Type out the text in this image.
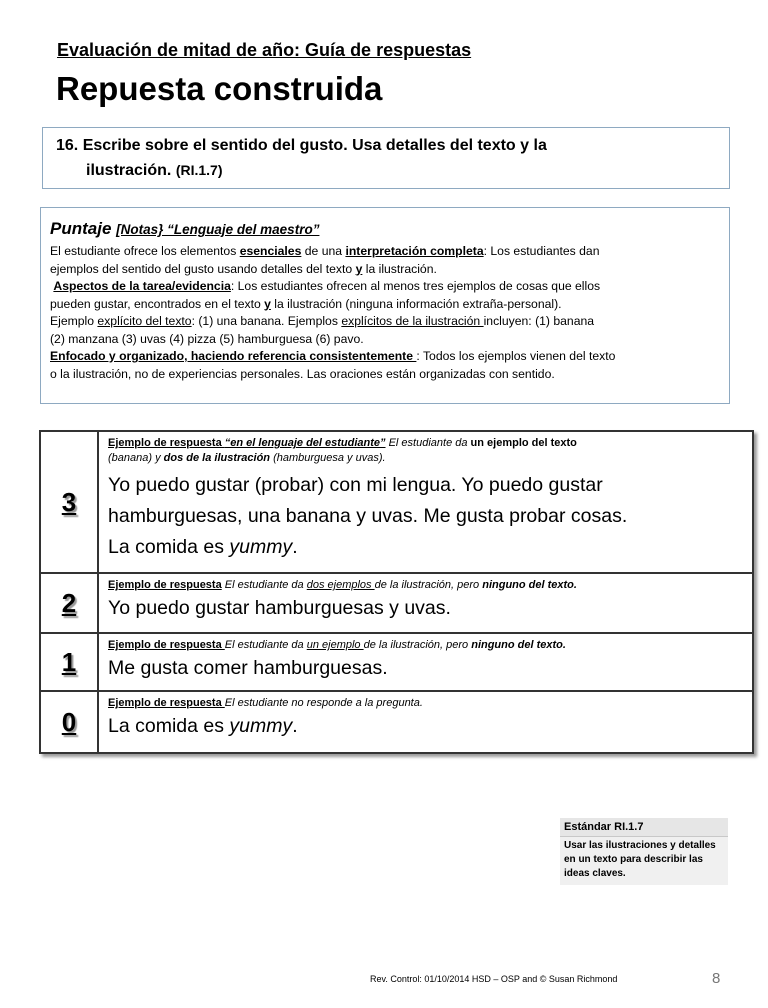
Evaluación de mitad de año: Guía de respuestas
Repuesta construida
16. Escribe sobre el sentido del gusto. Usa detalles del texto y la
ilustración. (RI.1.7)
Puntaje [Notas} “Lenguaje del maestro”
El estudiante ofrece los elementos esenciales de una interpretación completa: Los estudiantes dan
ejemplos del sentido del gusto usando detalles del texto y la ilustración.
Aspectos de la tarea/evidencia: Los estudiantes ofrecen al menos tres ejemplos de cosas que ellos
pueden gustar, encontrados en el texto y la ilustración (ninguna información extraña-personal).
Ejemplo explícito del texto: (1) una banana. Ejemplos explícitos de la ilustración incluyen: (1) banana
(2) manzana (3) uvas (4) pizza (5) hamburguesa (6) pavo.
Enfocado y organizado, haciendo referencia consistentemente : Todos los ejemplos vienen del texto
o la ilustración, no de experiencias personales. Las oraciones están organizadas con sentido.
3	Ejemplo de respuesta “en el lenguaje del estudiante” El estudiante da un ejemplo del texto
(banana) y dos de la ilustración (hamburguesa y uvas).
Yo puedo gustar (probar) con mi lengua. Yo puedo gustar
hamburguesas, una banana y uvas. Me gusta probar cosas.
La comida es yummy.

2	Ejemplo de respuesta El estudiante da dos ejemplos de la ilustración, pero ninguno del texto.
Yo puedo gustar hamburguesas y uvas.

1	Ejemplo de respuesta El estudiante da un ejemplo de la ilustración, pero ninguno del texto.
Me gusta comer hamburguesas.

0	Ejemplo de respuesta El estudiante no responde a la pregunta.
La comida es yummy.
Estándar RI.1.7
Usar las ilustraciones y detalles en un texto para describir las ideas claves.
Rev. Control: 01/10/2014 HSD – OSP and © Susan Richmond	8
